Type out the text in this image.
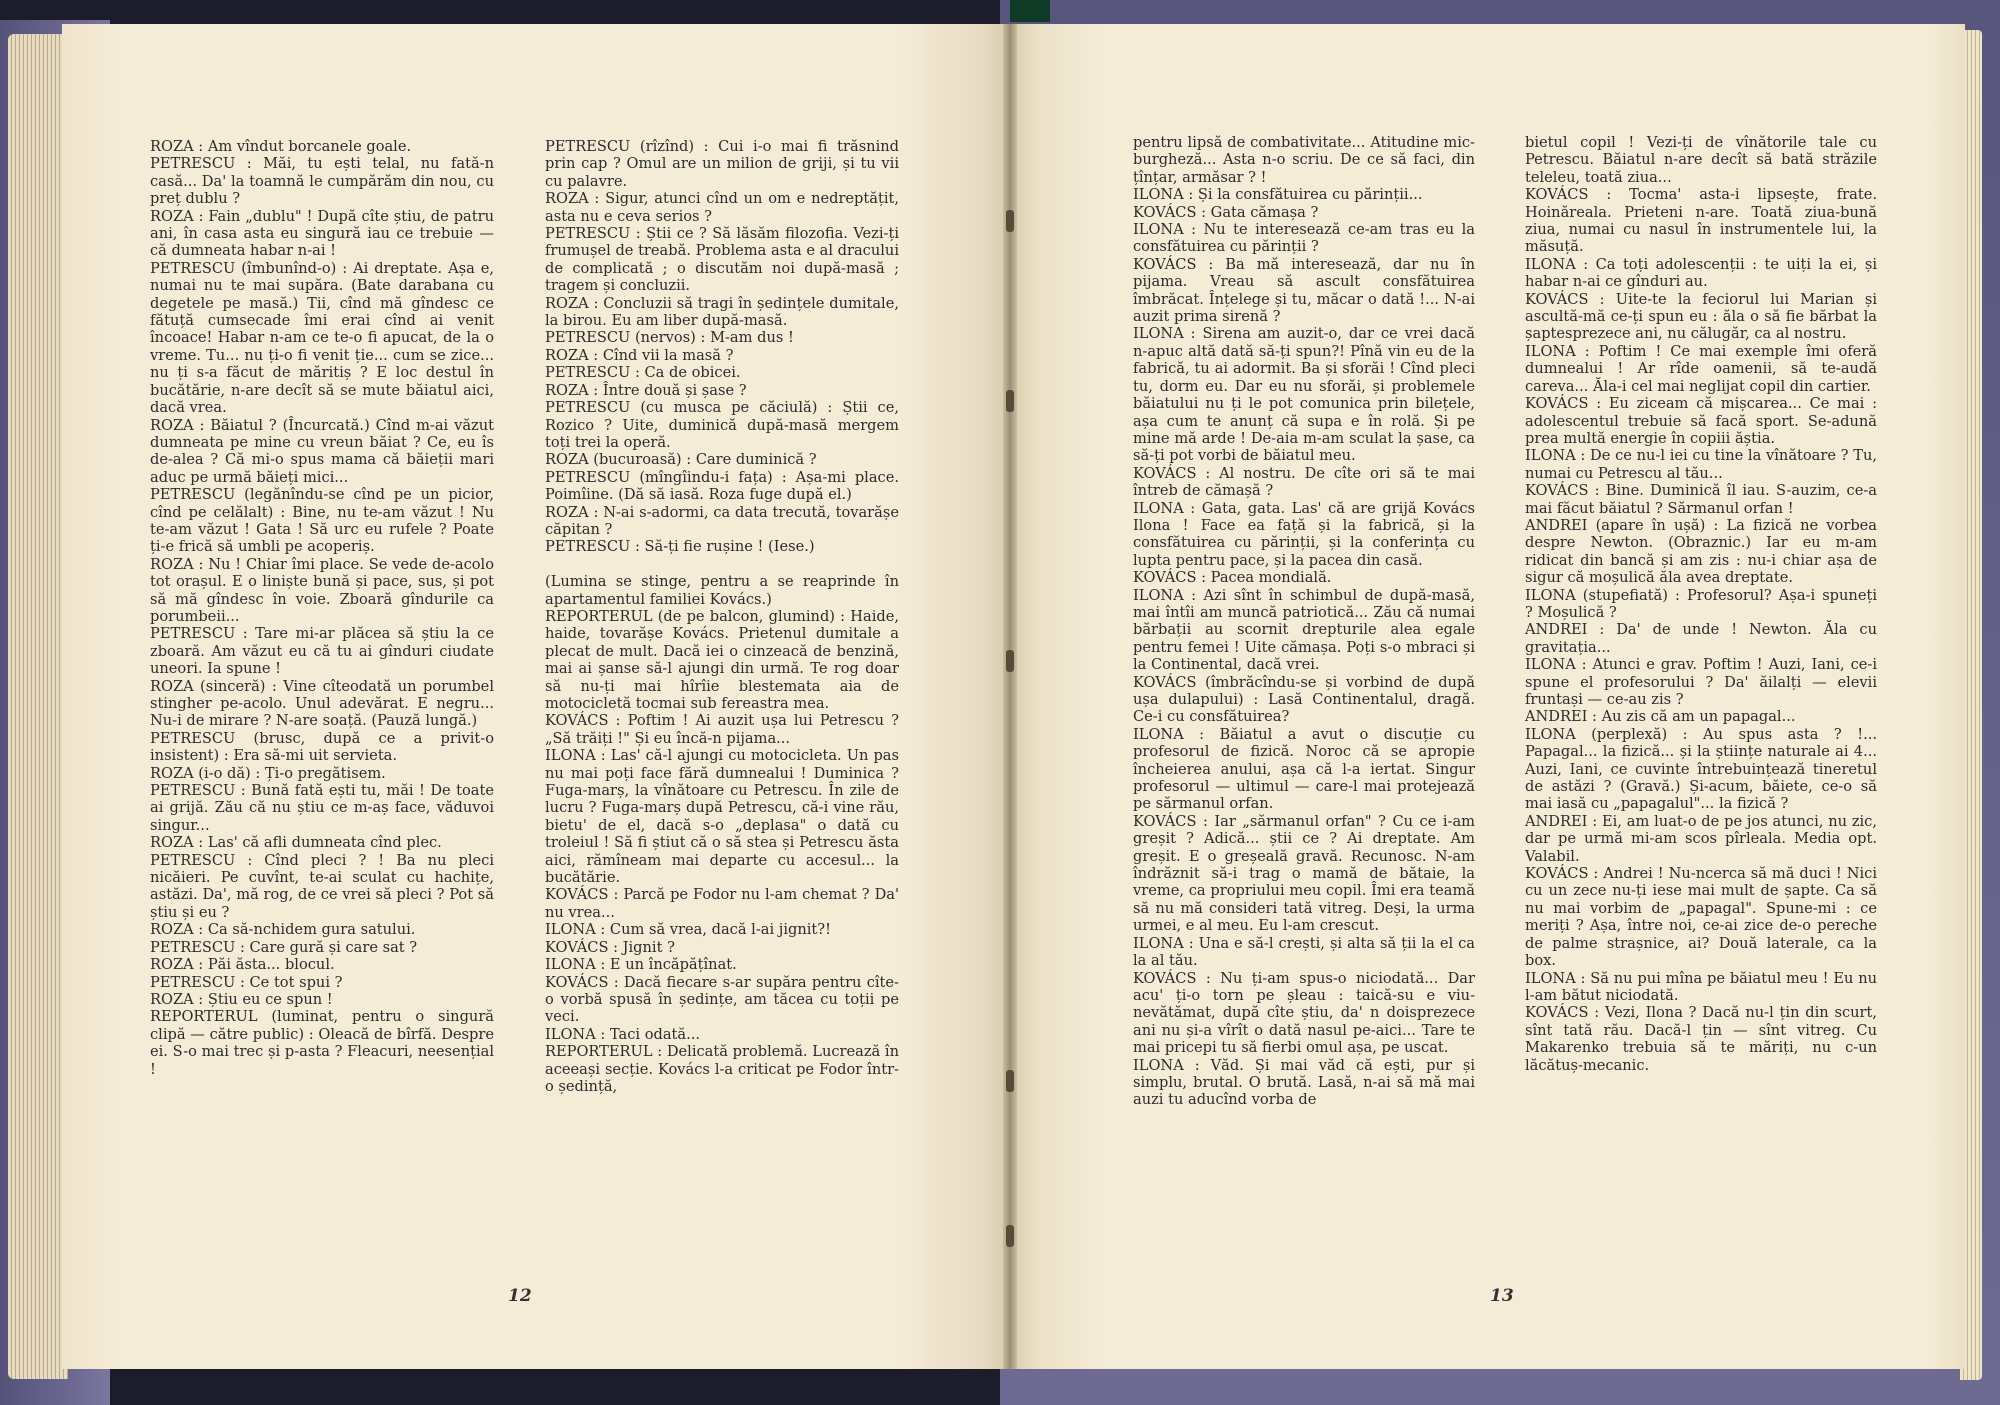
ROZA : Am vîndut borcanele goale.
PETRESCU : Măi, tu ești telal, nu fată-n casă... Da' la toamnă le cumpărăm din nou, cu preț dublu ?
ROZA : Fain „dublu" ! După cîte știu, de patru ani, în casa asta eu singură iau ce trebuie — că dumneata habar n-ai !
PETRESCU (îmbunînd-o) : Ai dreptate. Așa e, numai nu te mai supăra. (Bate darabana cu degetele pe masă.) Tii, cînd mă gîndesc ce fătuță cumsecade îmi erai cînd ai venit încoace! Habar n-am ce te-o fi apucat, de la o vreme. Tu... nu ți-o fi venit ție... cum se zice... nu ți s-a făcut de măritiș ? E loc destul în bucătărie, n-are decît să se mute băiatul aici, dacă vrea.
ROZA : Băiatul ? (Încurcată.) Cînd m-ai văzut dumneata pe mine cu vreun băiat ? Ce, eu îs de-alea ? Că mi-o spus mama că băieții mari aduc pe urmă băieți mici...
PETRESCU (legănîndu-se cînd pe un picior, cînd pe celălalt) : Bine, nu te-am văzut ! Nu te-am văzut ! Gata ! Să urc eu rufele ? Poate ți-e frică să umbli pe acoperiș.
ROZA : Nu ! Chiar îmi place. Se vede de-acolo tot orașul. E o liniște bună și pace, sus, și pot să mă gîndesc în voie. Zboară gîndurile ca porumbeii...
PETRESCU : Tare mi-ar plăcea să știu la ce zboară. Am văzut eu că tu ai gînduri ciudate uneori. Ia spune !
ROZA (sinceră) : Vine cîteodată un porumbel stingher pe-acolo. Unul adevărat. E negru... Nu-i de mirare ? N-are soață. (Pauză lungă.)
PETRESCU (brusc, după ce a privit-o insistent) : Era să-mi uit servieta.
ROZA (i-o dă) : Ți-o pregătisem.
PETRESCU : Bună fată ești tu, măi ! De toate ai grijă. Zău că nu știu ce m-aș face, văduvoi singur...
ROZA : Las' că afli dumneata cînd plec.
PETRESCU : Cînd pleci ? ! Ba nu pleci nicăieri. Pe cuvînt, te-ai sculat cu hachițe, astăzi. Da', mă rog, de ce vrei să pleci ? Pot să știu și eu ?
ROZA : Ca să-nchidem gura satului.
PETRESCU : Care gură și care sat ?
ROZA : Păi ăsta... blocul.
PETRESCU : Ce tot spui ?
ROZA : Știu eu ce spun !
REPORTERUL (luminat, pentru o singură clipă — către public) : Oleacă de bîrfă. Despre ei. S-o mai trec și p-asta ? Fleacuri, neesențial !
PETRESCU (rîzînd) : Cui i-o mai fi trăsnind prin cap ? Omul are un milion de griji, și tu vii cu palavre.
ROZA : Sigur, atunci cînd un om e nedreptățit, asta nu e ceva serios ?
PETRESCU : Știi ce ? Să lăsăm filozofia. Vezi-ți frumușel de treabă. Problema asta e al dracului de complicată ; o discutăm noi după-masă ; tragem și concluzii.
ROZA : Concluzii să tragi în ședințele dumitale, la birou. Eu am liber după-masă.
PETRESCU (nervos) : M-am dus !
ROZA : Cînd vii la masă ?
PETRESCU : Ca de obicei.
ROZA : Între două și șase ?
PETRESCU (cu musca pe căciulă) : Știi ce, Rozico ? Uite, duminică după-masă mergem toți trei la operă.
ROZA (bucuroasă) : Care duminică ?
PETRESCU (mîngîindu-i fața) : Așa-mi place. Poimîine. (Dă să iasă. Roza fuge după el.)
ROZA : N-ai s-adormi, ca data trecută, tovarășe căpitan ?
PETRESCU : Să-ți fie rușine ! (Iese.)

(Lumina se stinge, pentru a se reaprinde în apartamentul familiei Kovács.)
REPORTERUL (de pe balcon, glumind) : Haide, haide, tovarășe Kovács. Prietenul dumitale a plecat de mult. Dacă iei o cinzeacă de benzină, mai ai șanse să-l ajungi din urmă. Te rog doar să nu-ți mai hîrîie blestemata aia de motocicletă tocmai sub fereastra mea.
KOVÁCS : Poftim ! Ai auzit ușa lui Petrescu ? „Să trăiți !" Și eu încă-n pijama...
ILONA : Las' că-l ajungi cu motocicleta. Un pas nu mai poți face fără dumnealui ! Duminica ? Fuga-marș, la vînătoare cu Petrescu. În zile de lucru ? Fuga-marș după Petrescu, că-i vine rău, bietu' de el, dacă s-o „deplasa" o dată cu troleiul ! Să fi știut că o să stea și Petrescu ăsta aici, rămîneam mai departe cu accesul... la bucătărie.
KOVÁCS : Parcă pe Fodor nu l-am chemat ? Da' nu vrea...
ILONA : Cum să vrea, dacă l-ai jignit?!
KOVÁCS : Jignit ?
ILONA : E un încăpățînat.
KOVÁCS : Dacă fiecare s-ar supăra pentru cîte-o vorbă spusă în ședințe, am tăcea cu toții pe veci.
ILONA : Taci odată...
REPORTERUL : Delicată problemă. Lucrează în aceeași secție. Kovács l-a criticat pe Fodor într-o ședință,
12
pentru lipsă de combativitate... Atitudine mic-burgheză... Asta n-o scriu. De ce să faci, din țînțar, armăsar ? !
ILONA : Și la consfătuirea cu părinții...
KOVÁCS : Gata cămașa ?
ILONA : Nu te interesează ce-am tras eu la consfătuirea cu părinții ?
KOVÁCS : Ba mă interesează, dar nu în pijama. Vreau să ascult consfătuirea îmbrăcat. Înțelege și tu, măcar o dată !... N-ai auzit prima sirenă ?
ILONA : Sirena am auzit-o, dar ce vrei dacă n-apuc altă dată să-ți spun?! Pînă vin eu de la fabrică, tu ai adormit. Ba și sforăi ! Cînd pleci tu, dorm eu. Dar eu nu sforăi, și problemele băiatului nu ți le pot comunica prin bilețele, așa cum te anunț că supa e în rolă. Și pe mine mă arde ! De-aia m-am sculat la șase, ca să-ți pot vorbi de băiatul meu.
KOVÁCS : Al nostru. De cîte ori să te mai întreb de cămașă ?
ILONA : Gata, gata. Las' că are grijă Kovács Ilona ! Face ea față și la fabrică, și la consfătuirea cu părinții, și la conferința cu lupta pentru pace, și la pacea din casă.
KOVÁCS : Pacea mondială.
ILONA : Azi sînt în schimbul de după-masă, mai întîi am muncă patriotică... Zău că numai bărbații au scornit drepturile alea egale pentru femei ! Uite cămașa. Poți s-o mbraci și la Continental, dacă vrei.
KOVÁCS (îmbrăcîndu-se și vorbind de după ușa dulapului) : Lasă Continentalul, dragă. Ce-i cu consfătuirea?
ILONA : Băiatul a avut o discuție cu profesorul de fizică. Noroc că se apropie încheierea anului, așa că l-a iertat. Singur profesorul — ultimul — care-l mai protejează pe sărmanul orfan.
KOVÁCS : Iar „sărmanul orfan" ? Cu ce i-am greșit ? Adică... știi ce ? Ai dreptate. Am greșit. E o greșeală gravă. Recunosc. N-am îndrăznit să-i trag o mamă de bătaie, la vreme, ca propriului meu copil. Îmi era teamă să nu mă consideri tată vitreg. Deși, la urma urmei, e al meu. Eu l-am crescut.
ILONA : Una e să-l crești, și alta să ții la el ca la al tău.
KOVÁCS : Nu ți-am spus-o niciodată... Dar acu' ți-o torn pe șleau : taică-su e viu-nevătămat, după cîte știu, da' n doisprezece ani nu și-a vîrît o dată nasul pe-aici... Tare te mai pricepi tu să fierbi omul așa, pe uscat.
ILONA : Văd. Și mai văd că ești, pur și simplu, brutal. O brută. Lasă, n-ai să mă mai auzi tu aducînd vorba de
bietul copil ! Vezi-ți de vînătorile tale cu Petrescu. Băiatul n-are decît să bată străzile teleleu, toată ziua...
KOVÁCS : Tocma' asta-i lipsește, frate. Hoinăreala. Prieteni n-are. Toată ziua-bună ziua, numai cu nasul în instrumentele lui, la măsuță.
ILONA : Ca toți adolescenții : te uiți la ei, și habar n-ai ce gînduri au.
KOVÁCS : Uite-te la feciorul lui Marian și ascultă-mă ce-ți spun eu : ăla o să fie bărbat la șaptesprezece ani, nu călugăr, ca al nostru.
ILONA : Poftim ! Ce mai exemple îmi oferă dumnealui ! Ar rîde oamenii, să te-audă careva... Ăla-i cel mai neglijat copil din cartier.
KOVÁCS : Eu ziceam că mișcarea... Ce mai : adolescentul trebuie să facă sport. Se-adună prea multă energie în copiii ăștia.
ILONA : De ce nu-l iei cu tine la vînătoare ? Tu, numai cu Petrescu al tău...
KOVÁCS : Bine. Duminică îl iau. S-auzim, ce-a mai făcut băiatul ? Sărmanul orfan !
ANDREI (apare în ușă) : La fizică ne vorbea despre Newton. (Obraznic.) Iar eu m-am ridicat din bancă și am zis : nu-i chiar așa de sigur că moșulică ăla avea dreptate.
ILONA (stupefiată) : Profesorul? Așa-i spuneți ? Moșulică ?
ANDREI : Da' de unde ! Newton. Ăla cu gravitația...
ILONA : Atunci e grav. Poftim ! Auzi, Iani, ce-i spune el profesorului ? Da' ăilalți — elevii fruntași — ce-au zis ?
ANDREI : Au zis că am un papagal...
ILONA (perplexă) : Au spus asta ? !... Papagal... la fizică... și la științe naturale ai 4... Auzi, Iani, ce cuvinte întrebuințează tineretul de astăzi ? (Gravă.) Și-acum, băiete, ce-o să mai iasă cu „papagalul"... la fizică ?
ANDREI : Ei, am luat-o de pe jos atunci, nu zic, dar pe urmă mi-am scos pîrleala. Media opt. Valabil.
KOVÁCS : Andrei ! Nu-ncerca să mă duci ! Nici cu un zece nu-ți iese mai mult de șapte. Ca să nu mai vorbim de „papagal". Spune-mi : ce meriți ? Așa, între noi, ce-ai zice de-o pereche de palme strașnice, ai? Două laterale, ca la box.
ILONA : Să nu pui mîna pe băiatul meu ! Eu nu l-am bătut niciodată.
KOVÁCS : Vezi, Ilona ? Dacă nu-l țin din scurt, sînt tată rău. Dacă-l țin — sînt vitreg. Cu Makarenko trebuia să te măriți, nu c-un lăcătuș-mecanic.
13
